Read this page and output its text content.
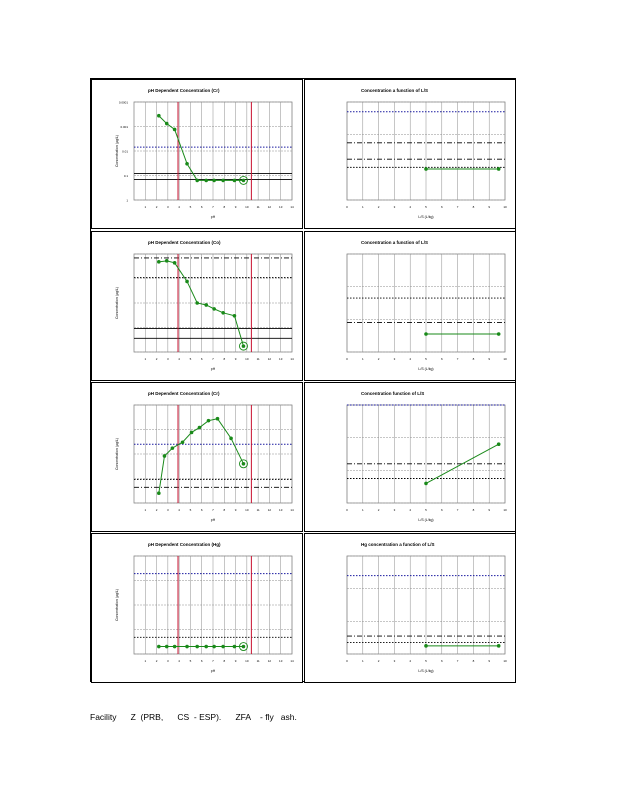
pH Dependent Concentration (Cr)
1	2	3	4	5	6	7	8	9	10	11	12	13	14
1
0.1
0.01
0.001
0.0001
pH
Concentration (µg/L)
Concentration a function of L/S
0	1	2	3	4	5	6	7	8	9	10
L/S (L/kg)
pH Dependent Concentration (Co)
1	2	3	4	5	6	7	8	9	10	11	12	13	14
pH
Concentration (µg/L)
Concentration a function of L/S
0	1	2	3	4	5	6	7	8	9	10
L/S (L/kg)
pH Dependent Concentration (Cr)
1	2	3	4	5	6	7	8	9	10	11	12	13	14
pH
Concentration (µg/L)
Concentration function of L/S
0	1	2	3	4	5	6	7	8	9	10
L/S (L/kg)
pH Dependent Concentration (Hg)
1	2	3	4	5	6	7	8	9	10	11	12	13	14
pH
Concentration (µg/L)
Hg concentration a function of L/S
0	1	2	3	4	5	6	7	8	9	10
L/S (L/kg)
Facility      Z  (PRB,      CS  - ESP).      ZFA    - fly   ash.
